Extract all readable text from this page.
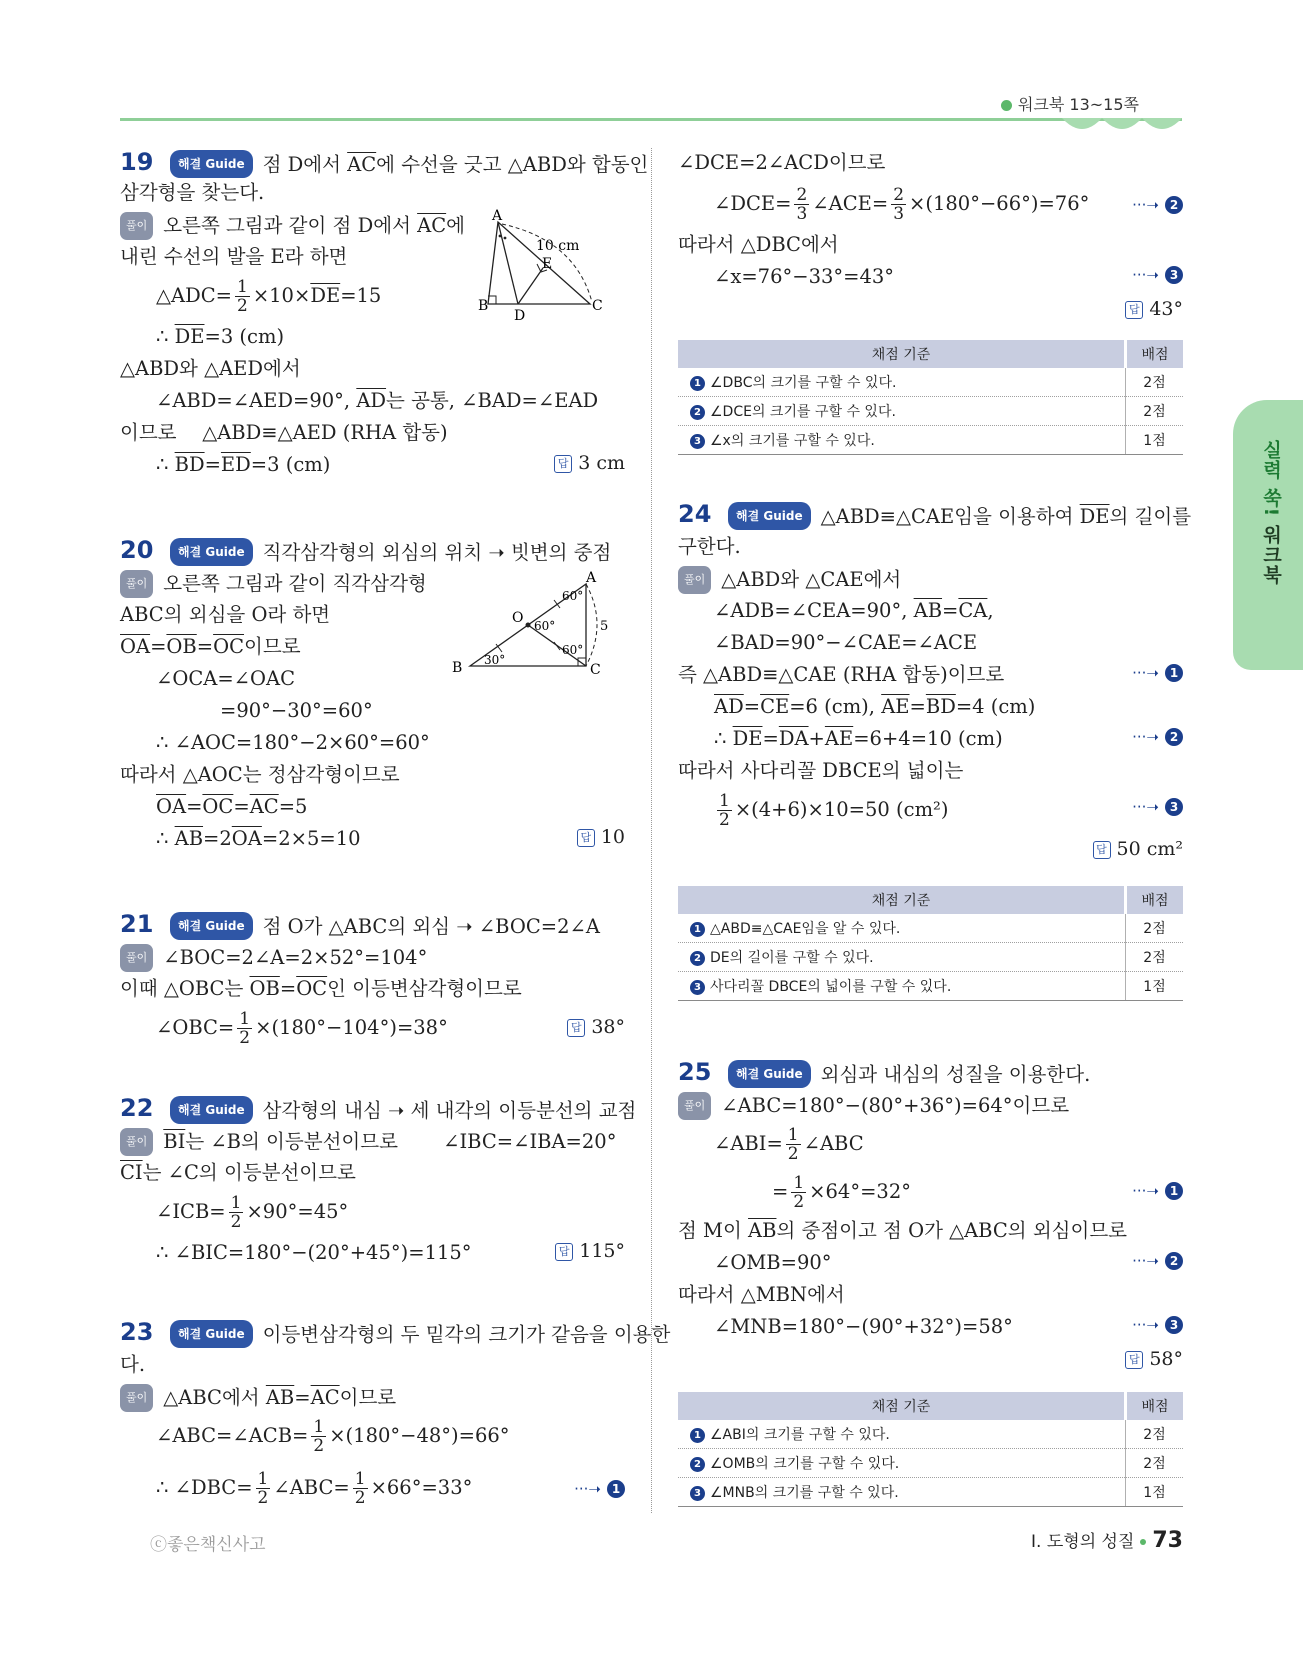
워크북 13~15쪽
실력 쑥! 워크북
19	해결 Guide 점 D에서 $\overline{AC}$에 수선을 긋고 △ABD와 합동인
삼각형을 찾는다.
풀이 오른쪽 그림과 같이 점 D에서 $\overline{AC}$에
내린 수선의 발을 E라 하면
△ADC= $\frac{1}{2} \times 10\times\overline{DE}=15$
∴ $\overline{DE}=3$ (cm)
△ABD와 △AED에서
∠ABD=∠AED=90°, $\overline{AD}$는 공통, ∠BAD=∠EAD
이므로　 △ABD≡△AED (RHA 합동)
∴ $\overline{BD}=\overline{ED}=3$ (cm)	답 3 cm
A
B	C
D
E
10 cm
20	해결 Guide 직각삼각형의 외심의 위치 ➝ 빗변의 중점
풀이 오른쪽 그림과 같이 직각삼각형
ABC의 외심을 O라 하면
$\overline{OA}=\overline{OB}=\overline{OC}$이므로
∠OCA=∠OAC
=90°−30°=60°
∴ ∠AOC=180°−2×60°=60°
따라서 △AOC는 정삼각형이므로
$\overline{OA}=\overline{OC}=\overline{AC}=5$
∴ $\overline{AB}=2\overline{OA}=2\times 5=10$	답 10
A
B	C
O
30°
60°
60°
60°
5
21	해결 Guide 점 O가 △ABC의 외심 ➝ ∠BOC=2∠A
풀이 ∠BOC=2∠A=2×52°=104°
이때 △OBC는 $\overline{OB}=\overline{OC}$인 이등변삼각형이므로
∠OBC= $\frac{1}{2} \times(180^\circ-104^\circ)=38^\circ$	답 38°
22	해결 Guide 삼각형의 내심 ➝ 세 내각의 이등분선의 교점
풀이 $\overline{BI}$는 ∠B의 이등분선이므로　　 ∠IBC=∠IBA=20°
$\overline{CI}$는 ∠C의 이등분선이므로
∠ICB= $\frac{1}{2} \times 90^\circ=45^\circ$
∴ ∠BIC=180°−(20°+45°)=115°	답 115°
23	해결 Guide 이등변삼각형의 두 밑각의 크기가 같음을 이용한
다.
풀이 △ABC에서 $\overline{AB}=\overline{AC}$이므로
∠ABC=∠ACB= $\frac{1}{2} \times(180^\circ-48^\circ)=66^\circ$
∴ ∠DBC= $\frac{1}{2}$ ∠ABC= $\frac{1}{2} \times 66^\circ=33^\circ$	···➝ 1
∠DCE=2∠ACD이므로
∠DCE= $\frac{2}{3}$ ∠ACE= $\frac{2}{3} \times(180^\circ-66^\circ)=76^\circ$	···➝ 2
따라서 △DBC에서
∠x=76°−33°=43°	···➝ 3
답 43°
채점 기준	배점
1 ∠DBC의 크기를 구할 수 있다.	2점
2 ∠DCE의 크기를 구할 수 있다.	2점
3 ∠x의 크기를 구할 수 있다.	1점
24	해결 Guide △ABD≡△CAE임을 이용하여 $\overline{DE}$의 길이를
구한다.
풀이 △ABD와 △CAE에서
∠ADB=∠CEA=90°, $\overline{AB}=\overline{CA}$,
∠BAD=90°−∠CAE=∠ACE
즉 △ABD≡△CAE (RHA 합동)이므로	···➝ 1
$\overline{AD}=\overline{CE}=6$ (cm), $\overline{AE}=\overline{BD}=4$ (cm)
∴ $\overline{DE}=\overline{DA}+\overline{AE}=6+4=10$ (cm)	···➝ 2
따라서 사다리꼴 DBCE의 넓이는
$\frac{1}{2} \times(4+6)\times 10=50$ (cm²)	···➝ 3
답 50 cm²
채점 기준	배점
1 △ABD≡△CAE임을 알 수 있다.	2점
2 DE의 길이를 구할 수 있다.	2점
3 사다리꼴 DBCE의 넓이를 구할 수 있다.	1점
25	해결 Guide 외심과 내심의 성질을 이용한다.
풀이 ∠ABC=180°−(80°+36°)=64°이므로
∠ABI= $\frac{1}{2}$ ∠ABC
= $\frac{1}{2} \times 64^\circ=32^\circ$	···➝ 1
점 M이 $\overline{AB}$의 중점이고 점 O가 △ABC의 외심이므로
∠OMB=90°	···➝ 2
따라서 △MBN에서
∠MNB=180°−(90°+32°)=58°	···➝ 3
답 58°
채점 기준	배점
1 ∠ABI의 크기를 구할 수 있다.	2점
2 ∠OMB의 크기를 구할 수 있다.	2점
3 ∠MNB의 크기를 구할 수 있다.	1점
ⓒ좋은책신사고	Ⅰ. 도형의 성질 73
